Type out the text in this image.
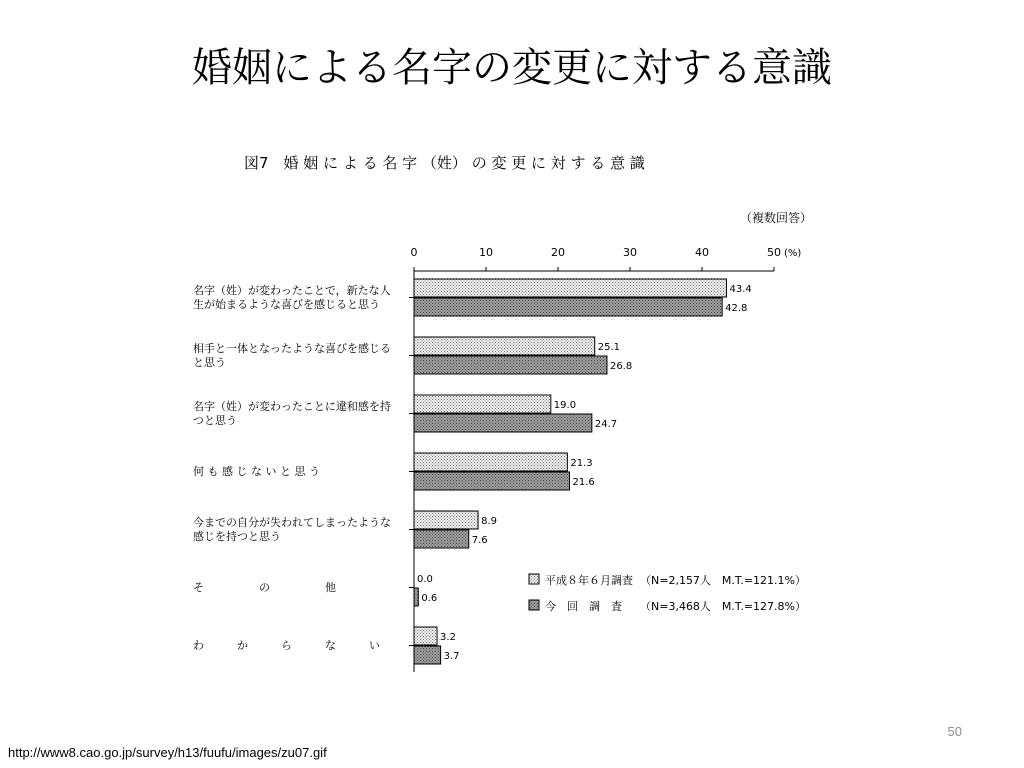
婚姻による名字の変更に対する意識
図7　婚 姻 に よ る 名 字 （姓） の 変 更 に 対 す る 意 識
（複数回答）
(%)
0	10	20	30	40	50
43.4
42.8
25.1
26.8
19.0
24.7
21.3
21.6
8.9
7.6
0.0
0.6
3.2
3.7
名字（姓）が変わったことで，新たな人
生が始まるような喜びを感じると思う
相手と一体となったような喜びを感じる
と思う
名字（姓）が変わったことに違和感を持
つと思う
何 も 感 じ な い と 思 う
今までの自分が失われてしまったような
感じを持つと思う
そ　　　　　の　　　　　他
わ　　　か　　　ら　　　な　　　い
平成８年６月調査 （N=2,157人　M.T.=121.1%）
今　回　調　査 （N=3,468人　M.T.=127.8%）
50
http://www8.cao.go.jp/survey/h13/fuufu/images/zu07.gif
